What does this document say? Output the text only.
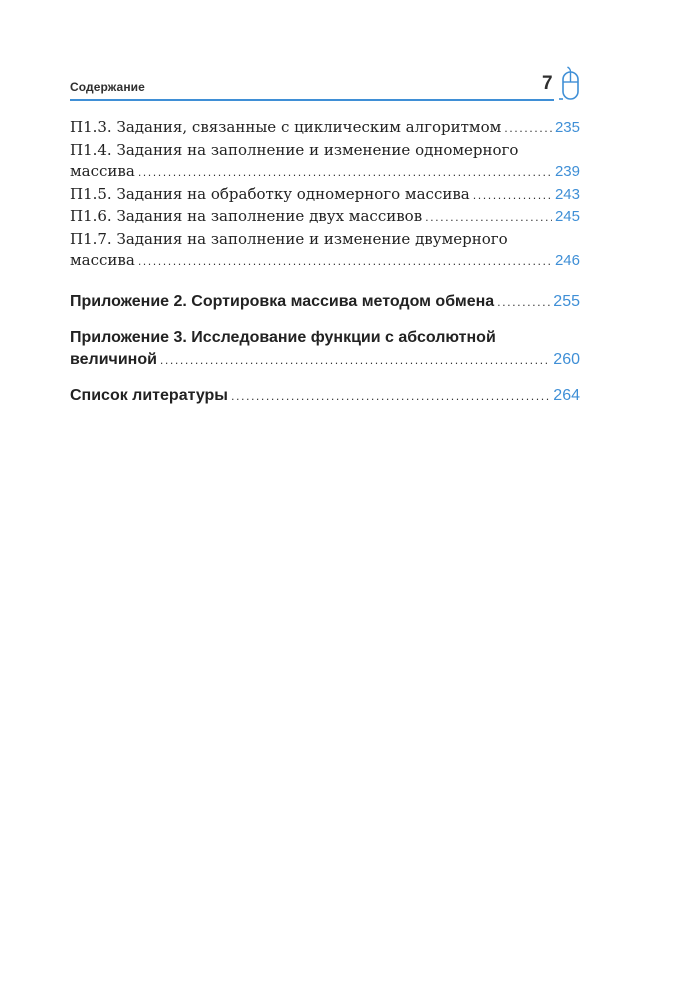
Содержание	7
П1.3. Задания, связанные с циклическим алгоритмом .....	235
П1.4. Задания на заполнение и изменение одномерного
массива .....	239
П1.5. Задания на обработку одномерного массива .....	243
П1.6. Задания на заполнение двух массивов .....	245
П1.7. Задания на заполнение и изменение двумерного
массива .....	246
Приложение 2. Сортировка массива методом обмена .....	255
Приложение 3. Исследование функции с абсолютной
величиной .....	260
Список литературы .....	264
